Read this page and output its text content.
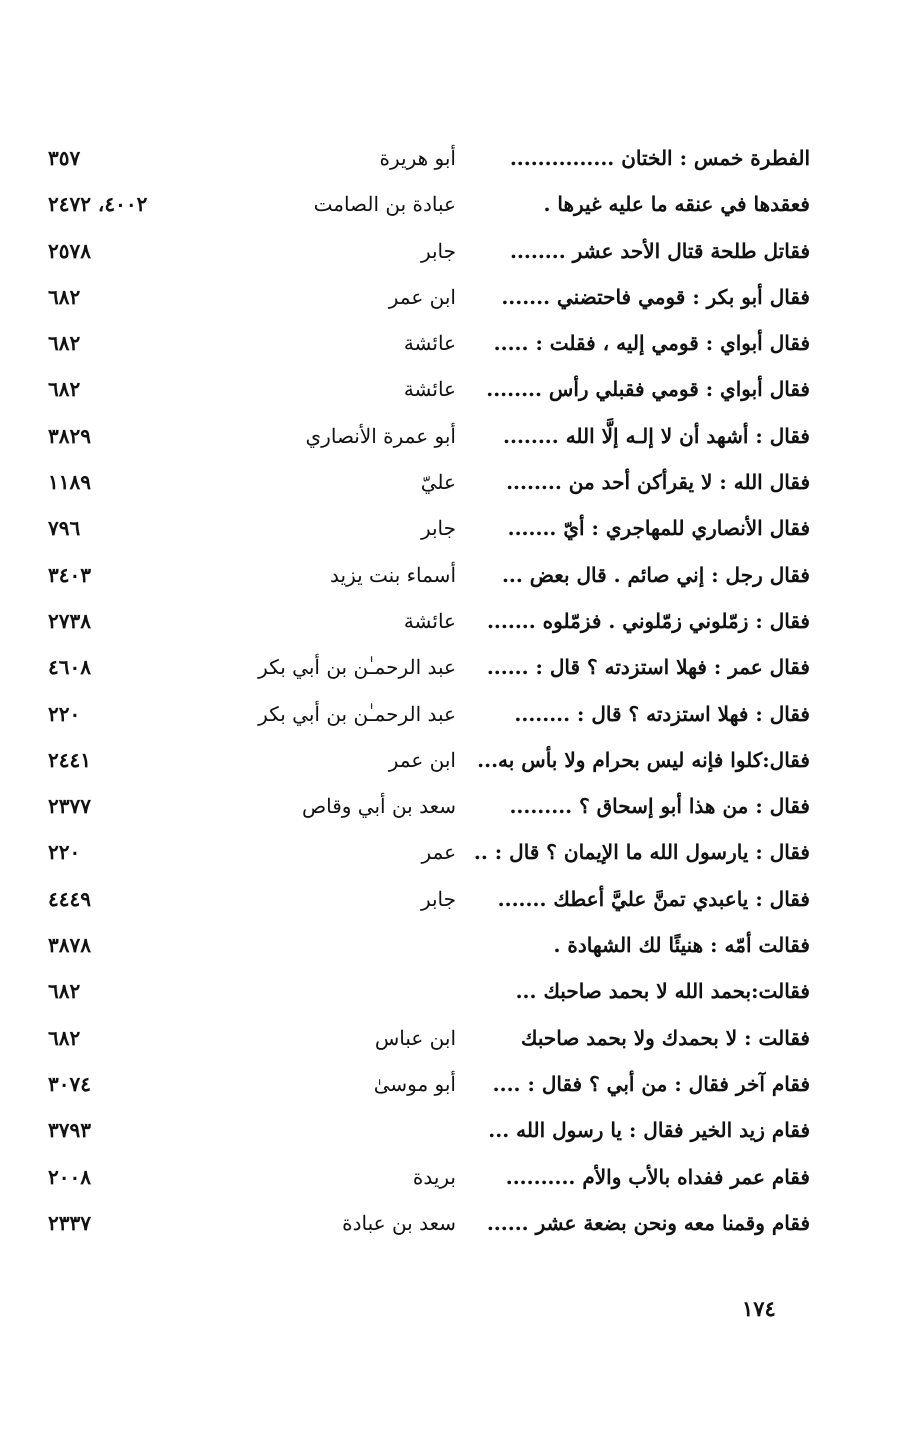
الفطرة خمس : الختان ...............
أبو هريرة
٣٥٧
فعقدها في عنقه ما عليه غيرها .
عبادة بن الصامت
٤٠٠٢، ٢٤٧٢
فقاتل طلحة قتال الأحد عشر ........
جابر
٢٥٧٨
فقال أبو بكر : قومي فاحتضني .......
ابن عمر
٦٨٢
فقال أبواي : قومي إليه ، فقلت : .....
عائشة
٦٨٢
فقال أبواي : قومي فقبلي رأس ........
عائشة
٦٨٢
فقال : أشهد أن لا إلـه إلَّا الله ........
أبو عمرة الأنصاري
٣٨٢٩
فقال الله : لا يقرأكن أحد من ........
عليّ
١١٨٩
فقال الأنصاري للمهاجري : أيّ .......
جابر
٧٩٦
فقال رجل : إني صائم . قال بعض ...
أسماء بنت يزيد
٣٤٠٣
فقال : زمّلوني زمّلوني . فزمّلوه .......
عائشة
٢٧٣٨
فقال عمر : فهلا استزدته ؟ قال : ......
عبد الرحمـٰن بن أبي بكر
٤٦٠٨
فقال : فهلا استزدته ؟ قال : ........
عبد الرحمـٰن بن أبي بكر
٢٢٠
فقال:كلوا فإنه ليس بحرام ولا بأس به...
ابن عمر
٢٤٤١
فقال : من هذا أبو إسحاق ؟ .........
سعد بن أبي وقاص
٢٣٧٧
فقال : يارسول الله ما الإيمان ؟ قال : ..
عمر
٢٢٠
فقال : ياعبدي تمنَّ عليَّ أعطك .......
جابر
٤٤٤٩
فقالت أمّه : هنيئًا لك الشهادة .
٣٨٧٨
فقالت:بحمد الله لا بحمد صاحبك ...
٦٨٢
فقالت : لا بحمدك ولا بحمد صاحبك
ابن عباس
٦٨٢
فقام آخر فقال : من أبي ؟ فقال : ....
أبو موسىٰ
٣٠٧٤
فقام زيد الخير فقال : يا رسول الله ...
٣٧٩٣
فقام عمر ففداه بالأب والأم ..........
بريدة
٢٠٠٨
فقام وقمنا معه ونحن بضعة عشر ......
سعد بن عبادة
٢٣٣٧
١٧٤
